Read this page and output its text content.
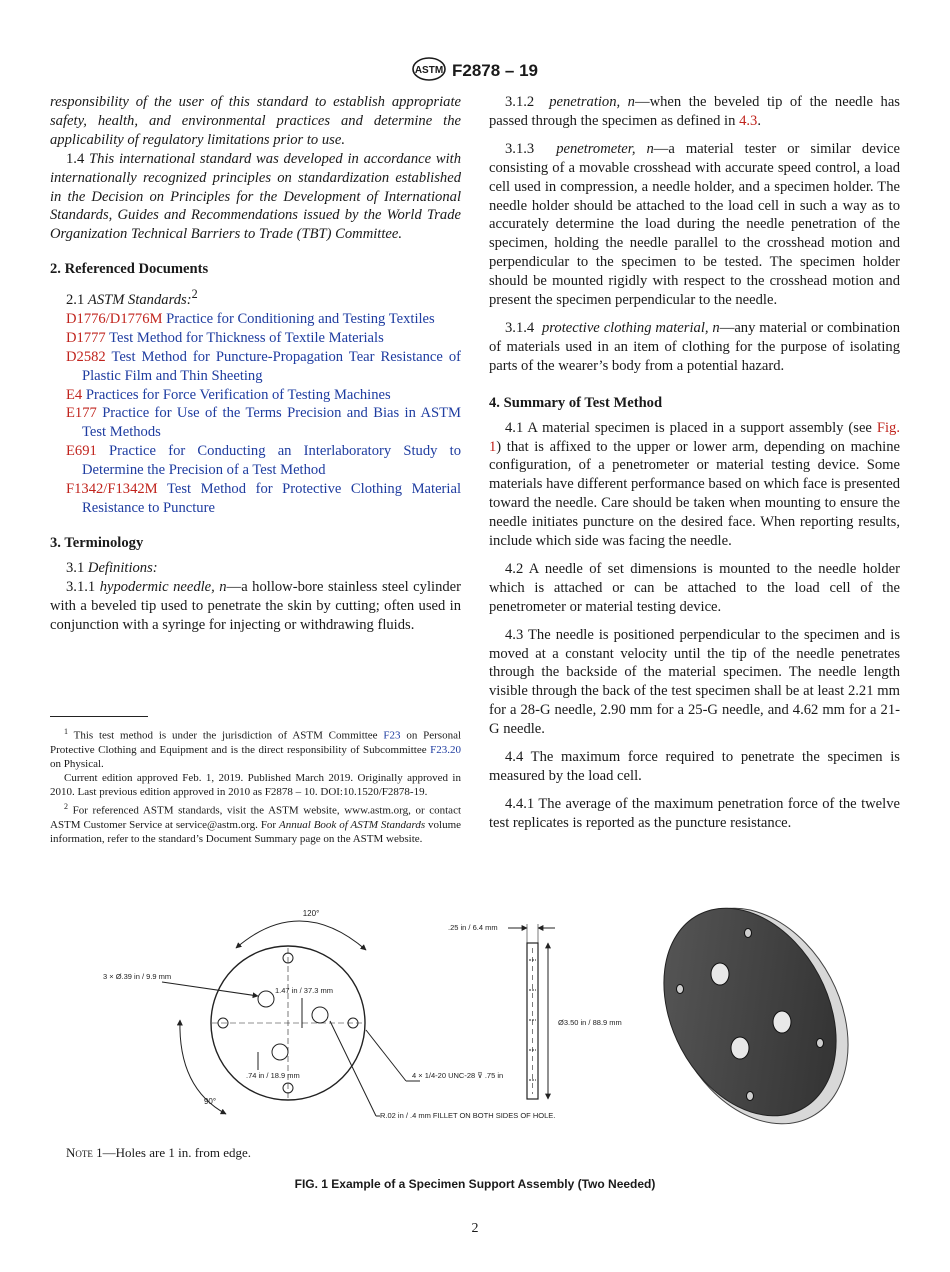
ASTM F2878 – 19

responsibility of the user of this standard to establish appropriate safety, health, and environmental practices and determine the applicability of regulatory limitations prior to use.

1.4 This international standard was developed in accordance with internationally recognized principles on standardization established in the Decision on Principles for the Development of International Standards, Guides and Recommendations issued by the World Trade Organization Technical Barriers to Trade (TBT) Committee.

2. Referenced Documents

2.1 ASTM Standards:$^2$

D1776/D1776M Practice for Conditioning and Testing Textiles

D1777 Test Method for Thickness of Textile Materials

D2582 Test Method for Puncture-Propagation Tear Resistance of Plastic Film and Thin Sheeting

E4 Practices for Force Verification of Testing Machines

E177 Practice for Use of the Terms Precision and Bias in ASTM Test Methods

E691 Practice for Conducting an Interlaboratory Study to Determine the Precision of a Test Method

F1342/F1342M Test Method for Protective Clothing Material Resistance to Puncture

3. Terminology

3.1 Definitions:

3.1.1 hypodermic needle, n—a hollow-bore stainless steel cylinder with a beveled tip used to penetrate the skin by cutting; often used in conjunction with a syringe for injecting or withdrawing fluids.

$^1$ This test method is under the jurisdiction of ASTM Committee F23 on Personal Protective Clothing and Equipment and is the direct responsibility of Subcommittee F23.20 on Physical.

Current edition approved Feb. 1, 2019. Published March 2019. Originally approved in 2010. Last previous edition approved in 2010 as F2878 – 10. DOI:10.1520/F2878-19.

$^2$ For referenced ASTM standards, visit the ASTM website, www.astm.org, or contact ASTM Customer Service at service@astm.org. For Annual Book of ASTM Standards volume information, refer to the standard’s Document Summary page on the ASTM website.

3.1.2 penetration, n—when the beveled tip of the needle has passed through the specimen as defined in 4.3.

3.1.3 penetrometer, n—a material tester or similar device consisting of a movable crosshead with accurate speed control, a load cell used in compression, a needle holder, and a specimen holder. The needle holder should be attached to the load cell in such a way as to accurately determine the load during the needle penetration of the specimen, holding the needle parallel to the crosshead motion and perpendicular to the specimen to be tested. The specimen holder should be mounted rigidly with respect to the crosshead motion and present the specimen perpendicular to the needle.

3.1.4 protective clothing material, n—any material or combination of materials used in an item of clothing for the purpose of isolating parts of the wearer’s body from a potential hazard.

4. Summary of Test Method

4.1 A material specimen is placed in a support assembly (see Fig. 1) that is affixed to the upper or lower arm, depending on machine configuration, of a penetrometer or material testing device. Some materials have different performance based on which face is presented toward the needle. Care should be taken when mounting to ensure the needle initiates puncture on the desired face. When reporting results, include which side was facing the needle.

4.2 A needle of set dimensions is mounted to the needle holder which is attached or can be attached to the load cell of the penetrometer or material testing device.

4.3 The needle is positioned perpendicular to the specimen and is moved at a constant velocity until the tip of the needle penetrates through the backside of the material specimen. The needle length visible through the back of the test specimen shall be at least 2.21 mm for a 28-G needle, 2.90 mm for a 25-G needle, and 4.62 mm for a 21-G needle.

4.4 The maximum force required to penetrate the specimen is measured by the load cell.

4.4.1 The average of the maximum penetration force of the twelve test replicates is reported as the puncture resistance.

120°
90°
3 × Ø.39 in / 9.9 mm
1.47 in / 37.3 mm
.74 in / 18.9 mm	4 × 1/4-20 UNC-28 ⊽ .75 in
R.02 in / .4 mm FILLET ON BOTH SIDES OF HOLE.
.25 in / 6.4 mm
Ø3.50 in / 88.9 mm
Note 1—Holes are 1 in. from edge.
FIG. 1 Example of a Specimen Support Assembly (Two Needed)
2
